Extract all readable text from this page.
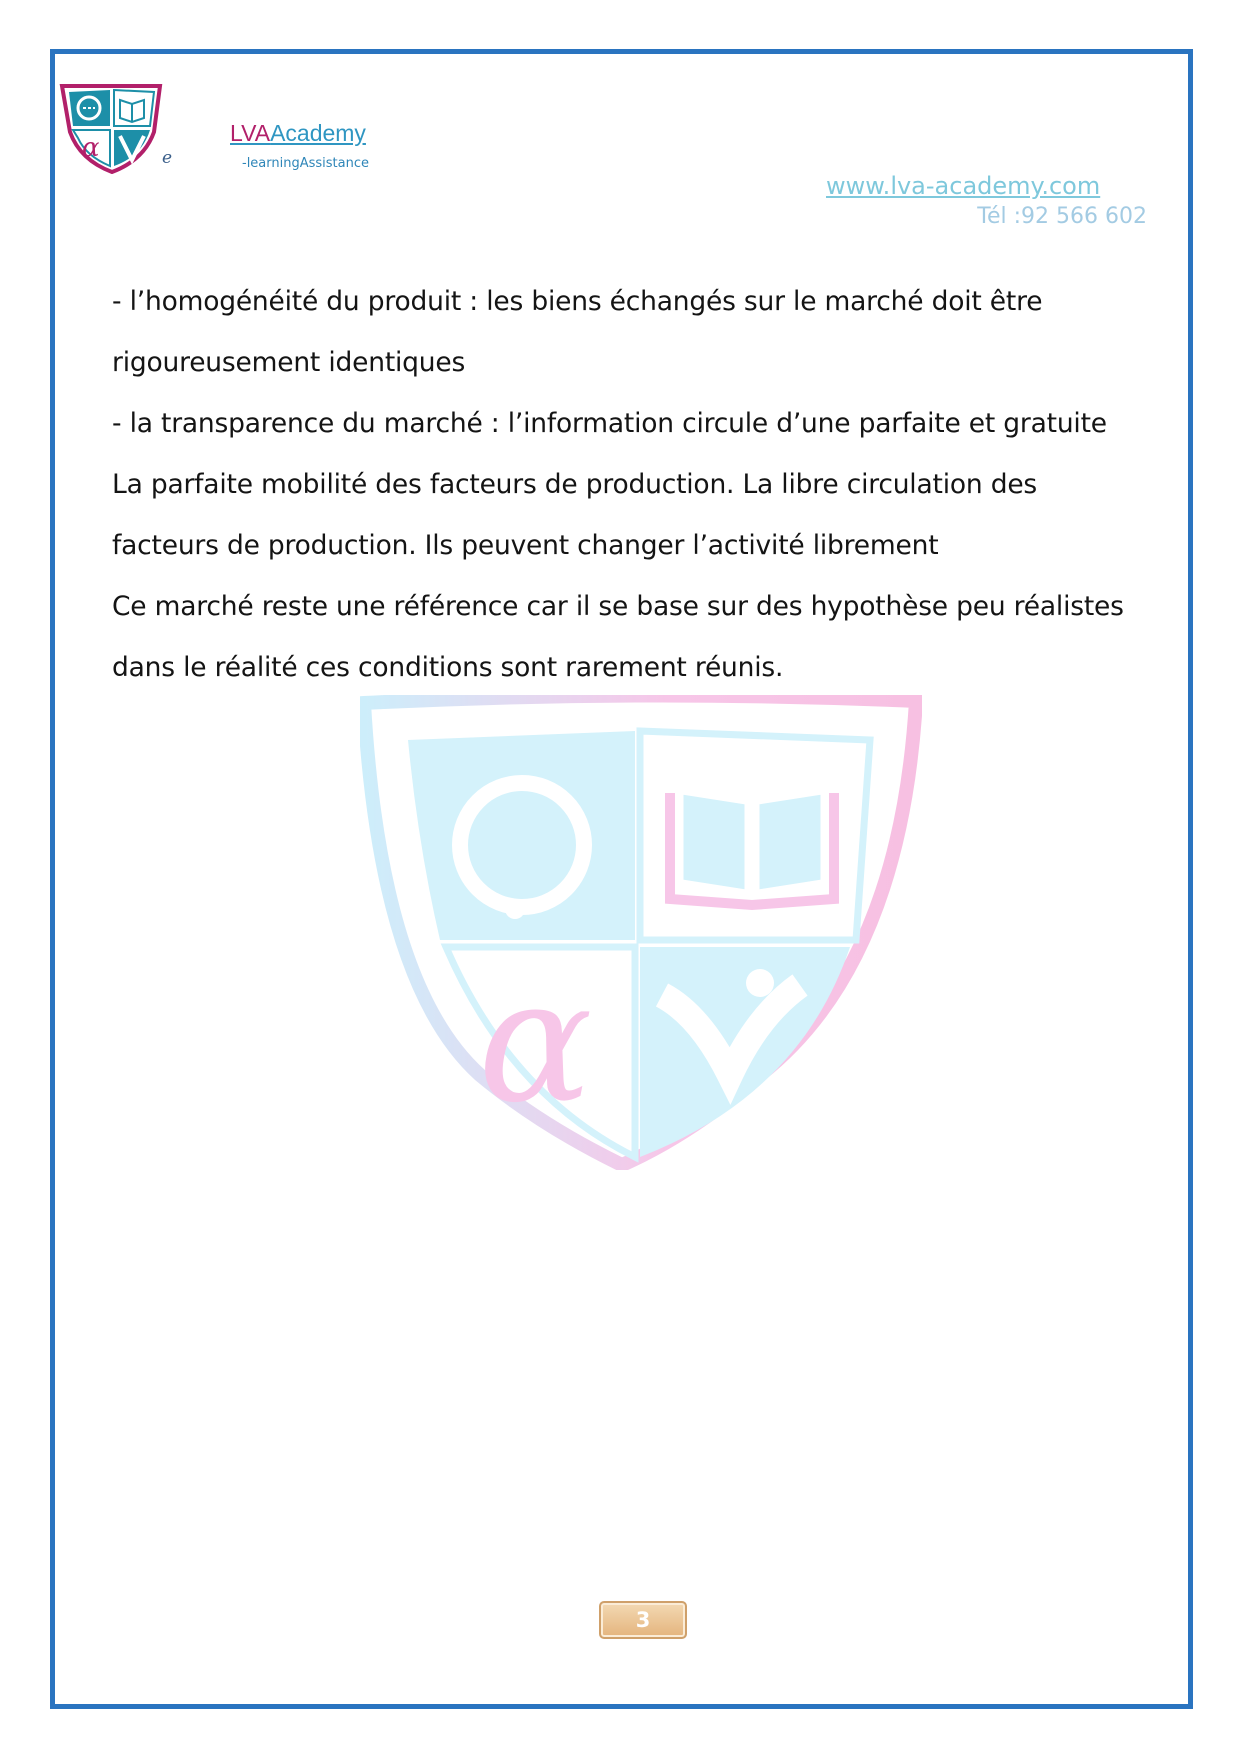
α	e
LVAAcademy
-learningAssistance
www.lva-academy.com
Tél :92 566 602
α

- l’homogénéité du produit : les biens échangés sur le marché doit être

rigoureusement identiques

- la transparence du marché : l’information circule d’une parfaite et gratuite

La parfaite mobilité des facteurs de production. La libre circulation des

facteurs de production. Ils peuvent changer l’activité librement

Ce marché reste une référence car il se base sur des hypothèse peu réalistes

dans le réalité ces conditions sont rarement réunis.

3
